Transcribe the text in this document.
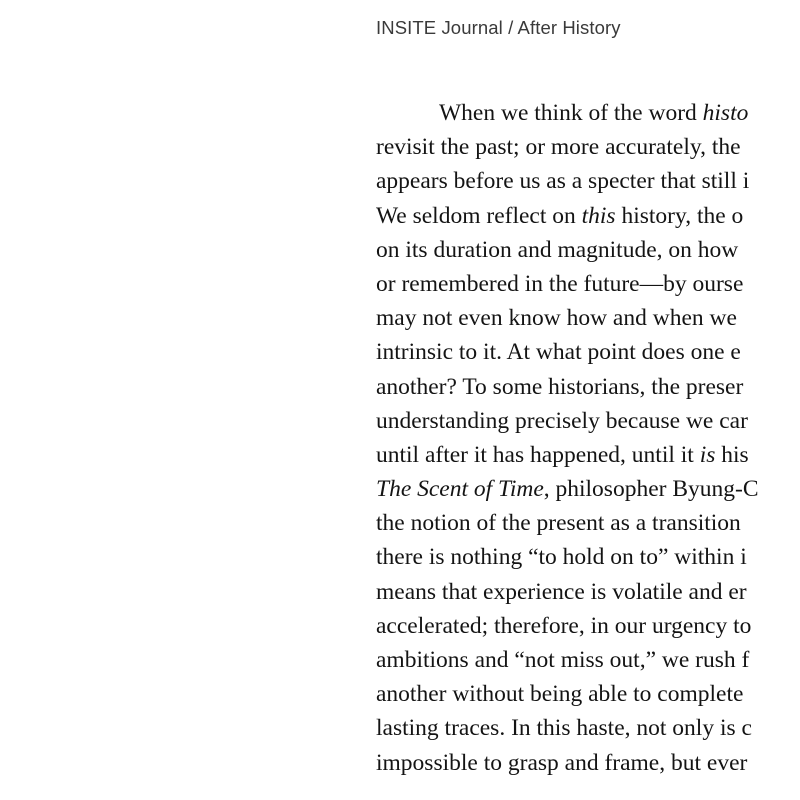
INSITE Journal / After History
When we think of the word histo
revisit the past; or more accurately, the
appears before us as a specter that still i
We seldom reflect on this history, the o
on its duration and magnitude, on how
or remembered in the future—by ourse
may not even know how and when we
intrinsic to it. At what point does one e
another? To some historians, the preser
understanding precisely because we car
until after it has happened, until it is his
The Scent of Time, philosopher Byung-C
the notion of the present as a transition
there is nothing “to hold on to” within i
means that experience is volatile and er
accelerated; therefore, in our urgency to
ambitions and “not miss out,” we rush f
another without being able to complete
lasting traces. In this haste, not only is c
impossible to grasp and frame, but ever
